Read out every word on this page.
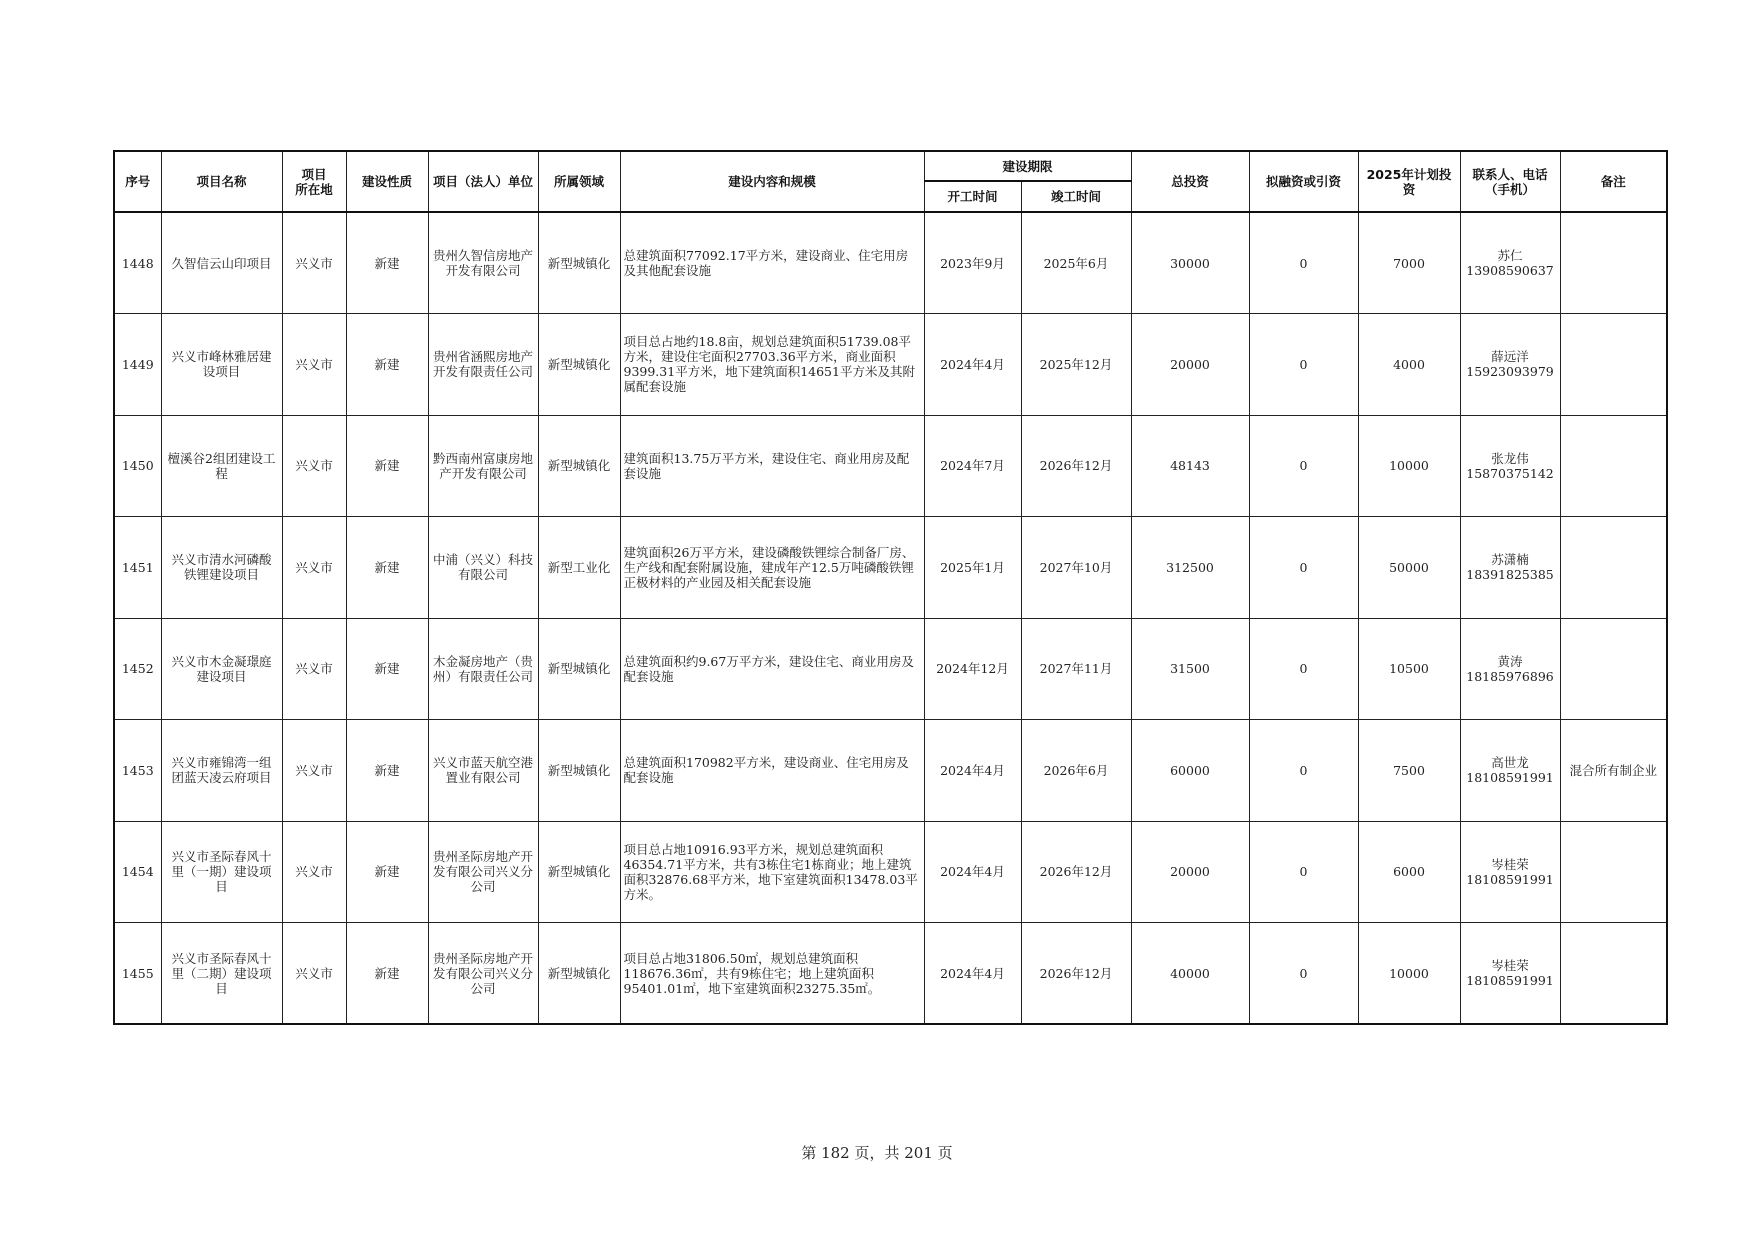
序号	项目名称	项目
所在地	建设性质	项目（法人）单位	所属领域	建设内容和规模	建设期限		总投资	拟融资或引资	2025年计划投资	联系人、电话（手机）	备注
							开工时间	竣工时间					
1448	久智信云山印项目	兴义市	新建	贵州久智信房地产开发有限公司	新型城镇化	总建筑面积77092.17平方米，建设商业、住宅用房及其他配套设施	2023年9月	2025年6月	30000	0	7000	苏仁
13908590637	

1449	兴义市峰林雅居建设项目	兴义市	新建	贵州省涵熙房地产开发有限责任公司	新型城镇化	项目总占地约18.8亩，规划总建筑面积51739.08平方米，建设住宅面积27703.36平方米，商业面积9399.31平方米，地下建筑面积14651平方米及其附属配套设施	2024年4月	2025年12月	20000	0	4000	薛远洋
15923093979	

1450	檀溪谷2组团建设工程	兴义市	新建	黔西南州富康房地产开发有限公司	新型城镇化	建筑面积13.75万平方米，建设住宅、商业用房及配套设施	2024年7月	2026年12月	48143	0	10000	张龙伟
15870375142	

1451	兴义市清水河磷酸铁锂建设项目	兴义市	新建	中浦（兴义）科技有限公司	新型工业化	建筑面积26万平方米，建设磷酸铁锂综合制备厂房、生产线和配套附属设施，建成年产12.5万吨磷酸铁锂正极材料的产业园及相关配套设施	2025年1月	2027年10月	312500	0	50000	苏潇楠
18391825385	

1452	兴义市木金凝璟庭建设项目	兴义市	新建	木金凝房地产（贵州）有限责任公司	新型城镇化	总建筑面积约9.67万平方米，建设住宅、商业用房及配套设施	2024年12月	2027年11月	31500	0	10500	黄涛
18185976896	

1453	兴义市雍锦湾一组团蓝天凌云府项目	兴义市	新建	兴义市蓝天航空港置业有限公司	新型城镇化	总建筑面积170982平方米，建设商业、住宅用房及配套设施	2024年4月	2026年6月	60000	0	7500	高世龙
18108591991	混合所有制企业
1454	兴义市圣际春风十里（一期）建设项目	兴义市	新建	贵州圣际房地产开发有限公司兴义分公司	新型城镇化	项目总占地10916.93平方米，规划总建筑面积46354.71平方米，共有3栋住宅1栋商业；地上建筑面积32876.68平方米，地下室建筑面积13478.03平方米。	2024年4月	2026年12月	20000	0	6000	岑桂荣
18108591991	

1455	兴义市圣际春风十里（二期）建设项目	兴义市	新建	贵州圣际房地产开发有限公司兴义分公司	新型城镇化	项目总占地31806.50㎡，规划总建筑面积118676.36㎡，共有9栋住宅；地上建筑面积95401.01㎡，地下室建筑面积23275.35㎡。	2024年4月	2026年12月	40000	0	10000	岑桂荣
18108591991	

第 182 页，共 201 页
